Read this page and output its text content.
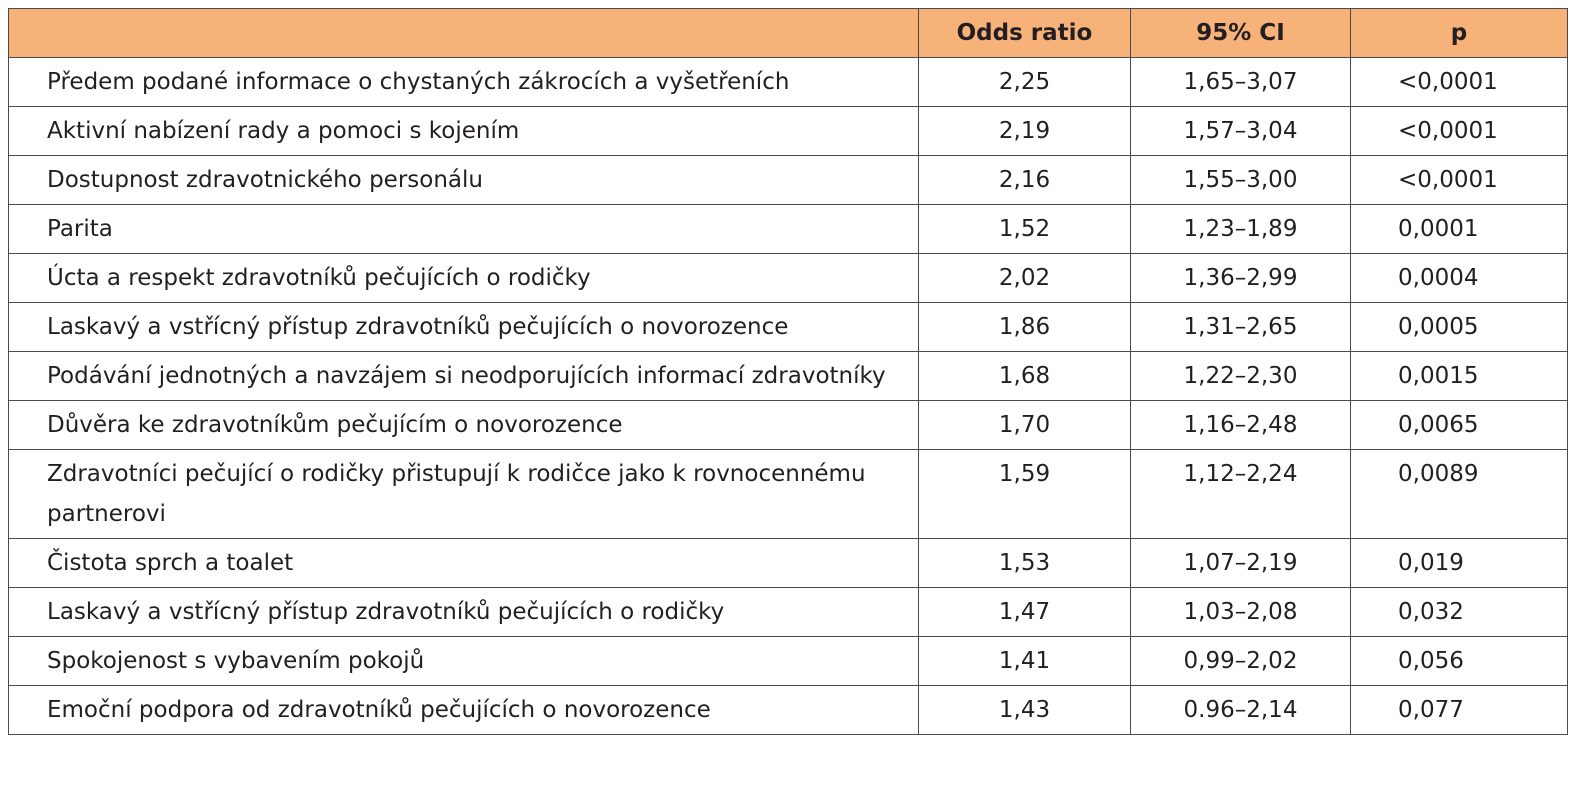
	Odds ratio	95% CI	p
Předem podané informace o chystaných zákrocích a vyšetřeních	2,25	1,65–3,07	<0,0001
Aktivní nabízení rady a pomoci s kojením	2,19	1,57–3,04	<0,0001
Dostupnost zdravotnického personálu	2,16	1,55–3,00	<0,0001
Parita	1,52	1,23–1,89	0,0001
Úcta a respekt zdravotníků pečujících o rodičky	2,02	1,36–2,99	0,0004
Laskavý a vstřícný přístup zdravotníků pečujících o novorozence	1,86	1,31–2,65	0,0005
Podávání jednotných a navzájem si neodporujících informací zdravotníky	1,68	1,22–2,30	0,0015
Důvěra ke zdravotníkům pečujícím o novorozence	1,70	1,16–2,48	0,0065
Zdravotníci pečující o rodičky přistupují k rodičce jako k rovnocennému partnerovi	1,59	1,12–2,24	0,0089
Čistota sprch a toalet	1,53	1,07–2,19	0,019
Laskavý a vstřícný přístup zdravotníků pečujících o rodičky	1,47	1,03–2,08	0,032
Spokojenost s vybavením pokojů	1,41	0,99–2,02	0,056
Emoční podpora od zdravotníků pečujících o novorozence	1,43	0.96–2,14	0,077
